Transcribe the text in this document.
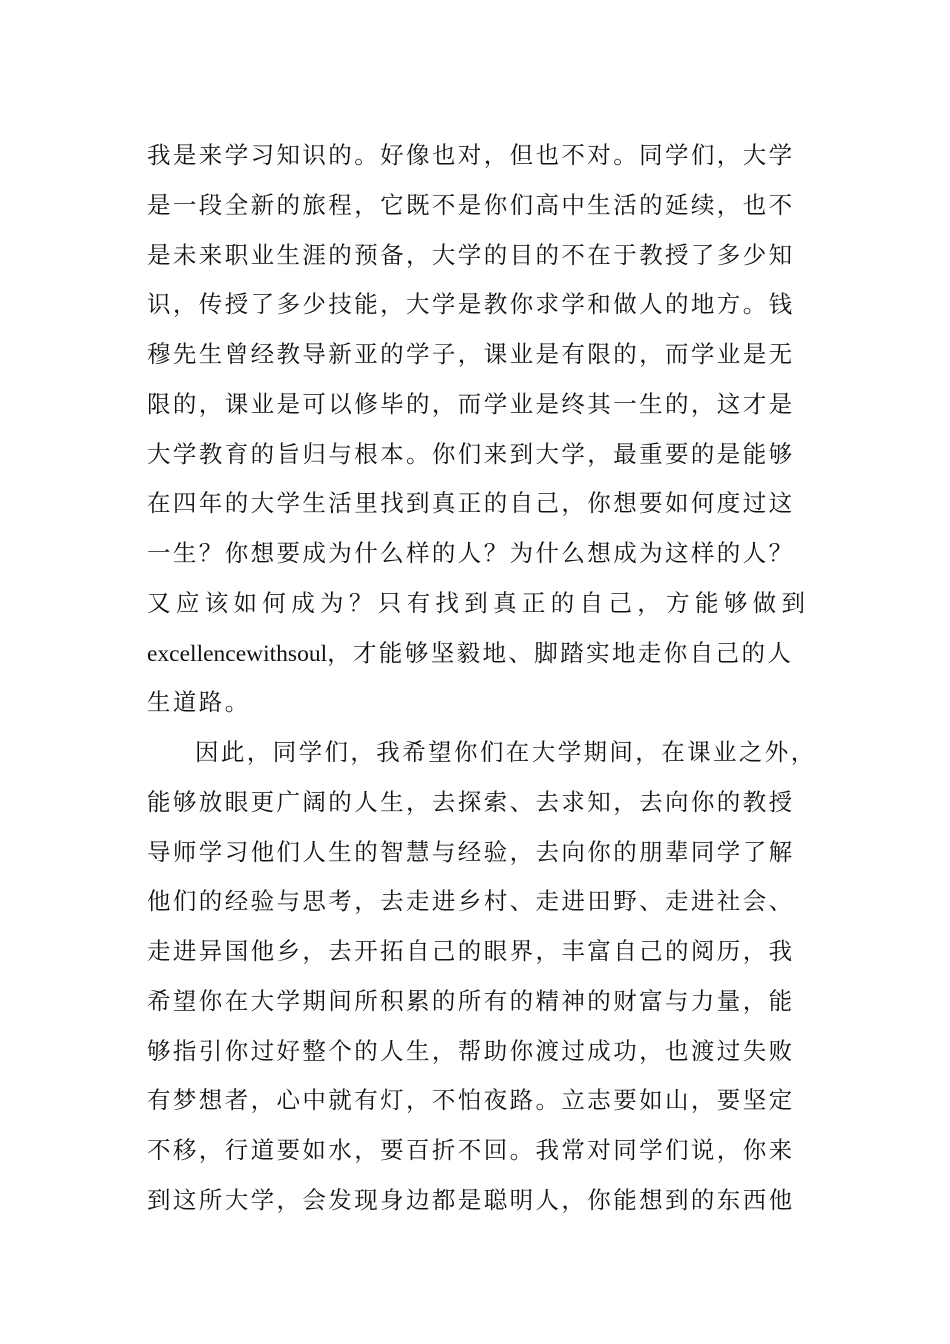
我是来学习知识的。好像也对，但也不对。同学们，大学
是一段全新的旅程，它既不是你们高中生活的延续，也不
是未来职业生涯的预备，大学的目的不在于教授了多少知
识，传授了多少技能，大学是教你求学和做人的地方。钱
穆先生曾经教导新亚的学子，课业是有限的，而学业是无
限的，课业是可以修毕的，而学业是终其一生的，这才是
大学教育的旨归与根本。你们来到大学，最重要的是能够
在四年的大学生活里找到真正的自己，你想要如何度过这
一生？你想要成为什么样的人？为什么想成为这样的人？
又应该如何成为？只有找到真正的自己，方能够做到
excellencewithsoul，才能够坚毅地、脚踏实地走你自己的人
生道路。
因此，同学们，我希望你们在大学期间，在课业之外，
能够放眼更广阔的人生，去探索、去求知，去向你的教授
导师学习他们人生的智慧与经验，去向你的朋辈同学了解
他们的经验与思考，去走进乡村、走进田野、走进社会、
走进异国他乡，去开拓自己的眼界，丰富自己的阅历，我
希望你在大学期间所积累的所有的精神的财富与力量，能
够指引你过好整个的人生，帮助你渡过成功，也渡过失败
有梦想者，心中就有灯，不怕夜路。立志要如山，要坚定
不移，行道要如水，要百折不回。我常对同学们说，你来
到这所大学，会发现身边都是聪明人，你能想到的东西他
